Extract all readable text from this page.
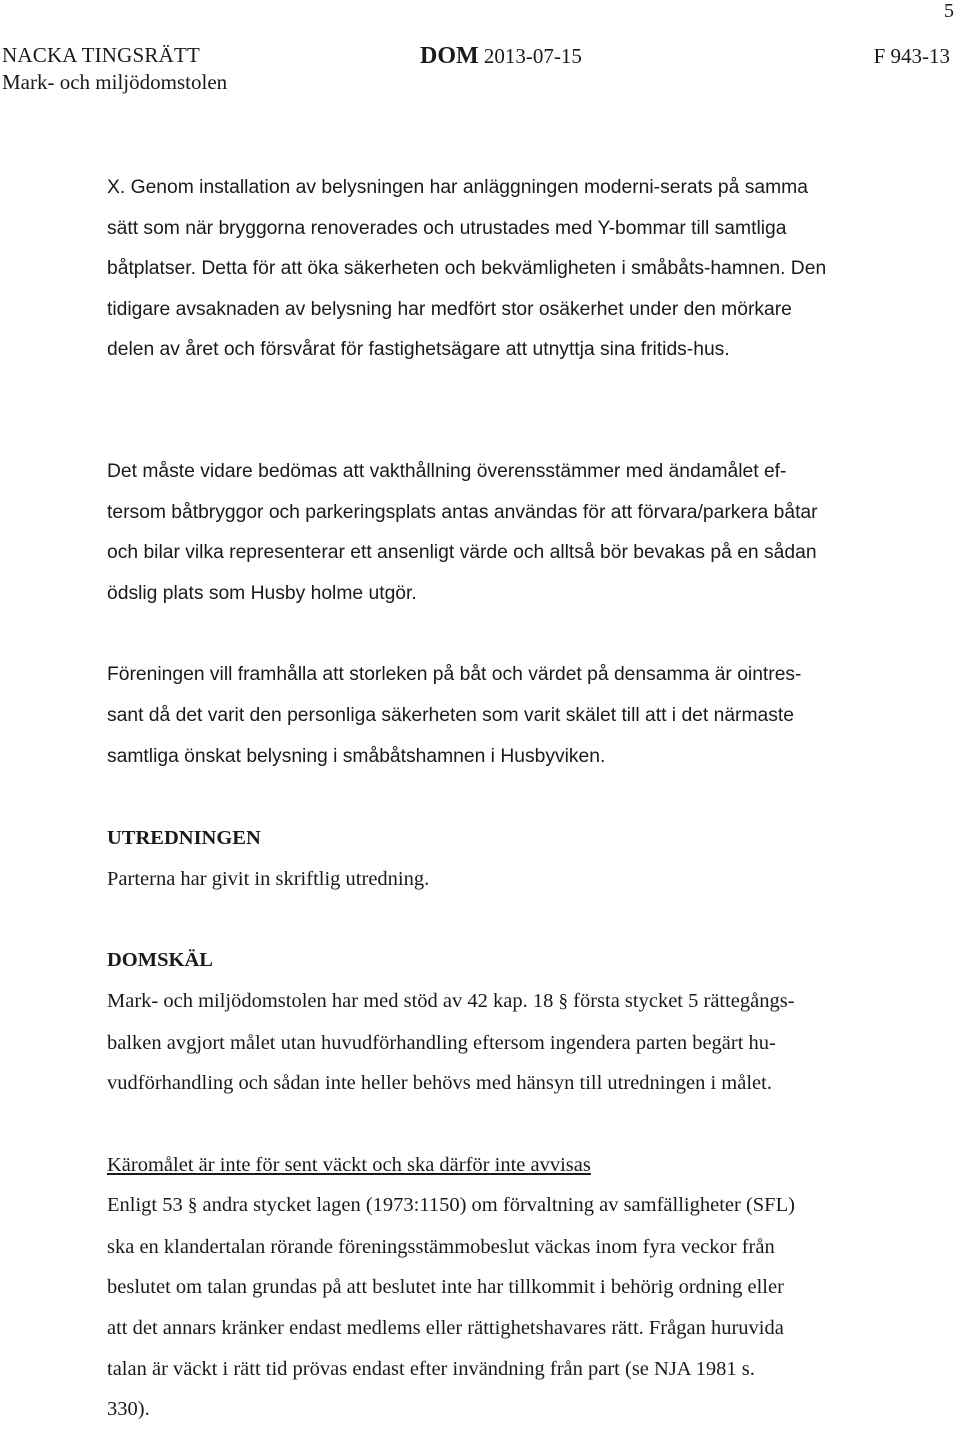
5
NACKA TINGSRÄTT
Mark- och miljödomstolen
DOM 2013-07-15	F 943-13

X. Genom installation av belysningen har anläggningen moderni-serats på samma
sätt som när bryggorna renoverades och utrustades med Y-bommar till samtliga
båtplatser. Detta för att öka säkerheten och bekvämligheten i småbåts-hamnen. Den
tidigare avsaknaden av belysning har medfört stor osäkerhet under den mörkare
delen av året och försvårat för fastighetsägare att utnyttja sina fritids-hus.

Det måste vidare bedömas att vakthållning överensstämmer med ändamålet ef-
tersom båtbryggor och parkeringsplats antas användas för att förvara/parkera båtar
och bilar vilka representerar ett ansenligt värde och alltså bör bevakas på en sådan
ödslig plats som Husby holme utgör.

Föreningen vill framhålla att storleken på båt och värdet på densamma är ointres-
sant då det varit den personliga säkerheten som varit skälet till att i det närmaste
samtliga önskat belysning i småbåtshamnen i Husbyviken.

UTREDNINGEN

Parterna har givit in skriftlig utredning.

DOMSKÄL

Mark- och miljödomstolen har med stöd av 42 kap. 18 § första stycket 5 rättegångs-
balken avgjort målet utan huvudförhandling eftersom ingendera parten begärt hu-
vudförhandling och sådan inte heller behövs med hänsyn till utredningen i målet.

Käromålet är inte för sent väckt och ska därför inte avvisas

Enligt 53 § andra stycket lagen (1973:1150) om förvaltning av samfälligheter (SFL)
ska en klandertalan rörande föreningsstämmobeslut väckas inom fyra veckor från
beslutet om talan grundas på att beslutet inte har tillkommit i behörig ordning eller
att det annars kränker endast medlems eller rättighetshavares rätt. Frågan huruvida
talan är väckt i rätt tid prövas endast efter invändning från part (se NJA 1981 s.
330).
